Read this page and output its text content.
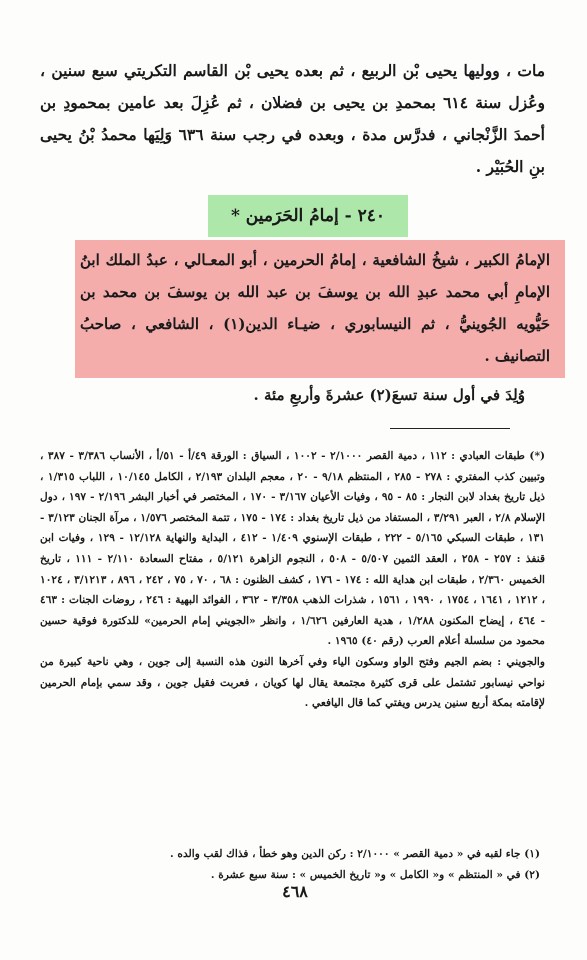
مات ، ووليها يحيى بْن الربيع ، ثم بعده يحيى بْن القاسم التكريتي سبع سنين ، وعُزل سنة ٦١٤ بمحمدِ بن يحيى بن فضلان ، ثم عُزِلَ بعد عامين بمحمودِ بن أحمدَ الزَّنْجاني ، فدرَّس مدة ، وبعده في رجب سنة ٦٣٦ وَلِيَها محمدُ بْنُ يحيى بنِ الحُبَيْر .
٢٤٠ - إمامُ الحَرَمين *
الإمامُ الكبير ، شيخُ الشافعية ، إمامُ الحرمين ، أبو المعـالي ، عبدُ الملك ابنُ الإمامِ أبي محمد عبدِ الله بن يوسفَ بن عبد الله بن يوسفَ بن محمد بن حَيُّويه الجُوينيُّ ، ثم النيسابوري ، ضيـاء الدين(١) ، الشافعي ، صاحبُ التصانيف .
وُلِدَ في أول سنة تسعَ(٢) عشرةَ وأربعِ مئة .
(*) طبقات العبادي : ١١٢ ، دمية القصر ٢/١٠٠٠ - ١٠٠٢ ، السياق : الورقة ٤٩/أ - ٥١/أ ، الأنساب ٣/٣٨٦ - ٣٨٧ ، وتبيين كذب المفتري : ٢٧٨ - ٢٨٥ ، المنتظم ٩/١٨ - ٢٠ ، معجم البلدان ٢/١٩٣ ، الكامل ١٠/١٤٥ ، اللباب ١/٣١٥ ، ذيل تاريخ بغداد لابن النجار : ٨٥ - ٩٥ ، وفيات الأعيان ٣/١٦٧ - ١٧٠ ، المختصر في أخبار البشر ٢/١٩٦ - ١٩٧ ، دول الإسلام ٢/٨ ، العبر ٣/٢٩١ ، المستفاد من ذيل تاريخ بغداد : ١٧٤ - ١٧٥ ، تتمة المختصر ١/٥٧٦ ، مرآة الجنان ٣/١٢٣ - ١٣١ ، طبقات السبكي ٥/١٦٥ - ٢٢٢ ، طبقات الإسنوي ١/٤٠٩ - ٤١٢ ، البداية والنهاية ١٢/١٢٨ - ١٢٩ ، وفيات ابن قنفذ : ٢٥٧ - ٢٥٨ ، العقد الثمين ٥/٥٠٧ - ٥٠٨ ، النجوم الزاهرة ٥/١٢١ ، مفتاح السعادة ٢/١١٠ - ١١١ ، تاريخ الخميس ٢/٣٦٠ ، طبقات ابن هداية الله : ١٧٤ - ١٧٦ ، كشف الظنون : ٦٨ ، ٧٠ ، ٧٥ ، ٢٤٢ ، ٨٩٦ ، ٣/١٢١٣ ، ١٠٢٤ ، ١٢١٢ ، ١٦٤١ ، ١٧٥٤ ، ١٩٩٠ ، ١٥٦١ ، شذرات الذهب ٣/٣٥٨ - ٣٦٢ ، الفوائد البهية : ٢٤٦ ، روضات الجنات : ٤٦٣ - ٤٦٤ ، إيضاح المكنون ١/٢٨٨ ، هدية العارفين ١/٦٢٦ ، وانظر «الجويني إمام الحرمين» للدكتورة فوقية حسين محمود من سلسلة أعلام العرب (رقم ٤٠) ١٩٦٥ .
والجويني : بضم الجيم وفتح الواو وسكون الياء وفي آخرها النون هذه النسبة إلى جوين ، وهي ناحية كبيرة من نواحي نيسابور تشتمل على قرى كثيرة مجتمعة يقال لها كويان ، فعربت فقيل جوين ، وقد سمي بإمام الحرمين لإقامته بمكة أربع سنين يدرس ويفتي كما قال اليافعي .
(١) جاء لقبه في « دمية القصر » ٢/١٠٠٠ : ركن الدين وهو خطأ ، فذاك لقب والده .
(٢) في « المنتظم » و« الكامل » و« تاريخ الخميس » : سنة سبع عشرة .
٤٦٨
